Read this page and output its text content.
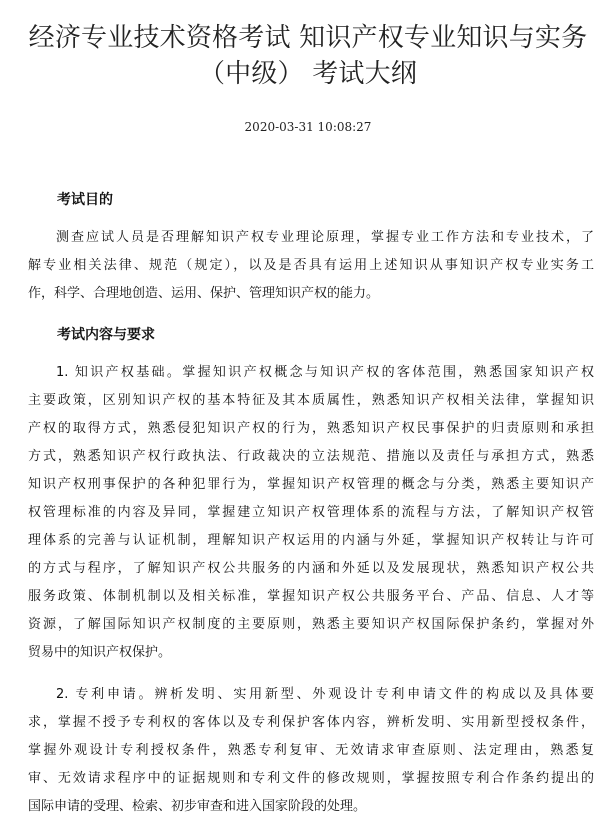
经济专业技术资格考试 知识产权专业知识与实务
（中级） 考试大纲
2020-03-31 10:08:27
考试目的
测查应试人员是否理解知识产权专业理论原理，掌握专业工作方法和专业技术，了
解专业相关法律、规范（规定），以及是否具有运用上述知识从事知识产权专业实务工
作，科学、合理地创造、运用、保护、管理知识产权的能力。
考试内容与要求
1. 知识产权基础。掌握知识产权概念与知识产权的客体范围，熟悉国家知识产权
主要政策，区别知识产权的基本特征及其本质属性，熟悉知识产权相关法律，掌握知识
产权的取得方式，熟悉侵犯知识产权的行为，熟悉知识产权民事保护的归责原则和承担
方式，熟悉知识产权行政执法、行政裁决的立法规范、措施以及责任与承担方式，熟悉
知识产权刑事保护的各种犯罪行为，掌握知识产权管理的概念与分类，熟悉主要知识产
权管理标准的内容及异同，掌握建立知识产权管理体系的流程与方法，了解知识产权管
理体系的完善与认证机制，理解知识产权运用的内涵与外延，掌握知识产权转让与许可
的方式与程序，了解知识产权公共服务的内涵和外延以及发展现状，熟悉知识产权公共
服务政策、体制机制以及相关标准，掌握知识产权公共服务平台、产品、信息、人才等
资源，了解国际知识产权制度的主要原则，熟悉主要知识产权国际保护条约，掌握对外
贸易中的知识产权保护。
2. 专利申请。辨析发明、实用新型、外观设计专利申请文件的构成以及具体要
求，掌握不授予专利权的客体以及专利保护客体内容，辨析发明、实用新型授权条件，
掌握外观设计专利授权条件，熟悉专利复审、无效请求审查原则、法定理由，熟悉复
审、无效请求程序中的证据规则和专利文件的修改规则，掌握按照专利合作条约提出的
国际申请的受理、检索、初步审查和进入国家阶段的处理。
